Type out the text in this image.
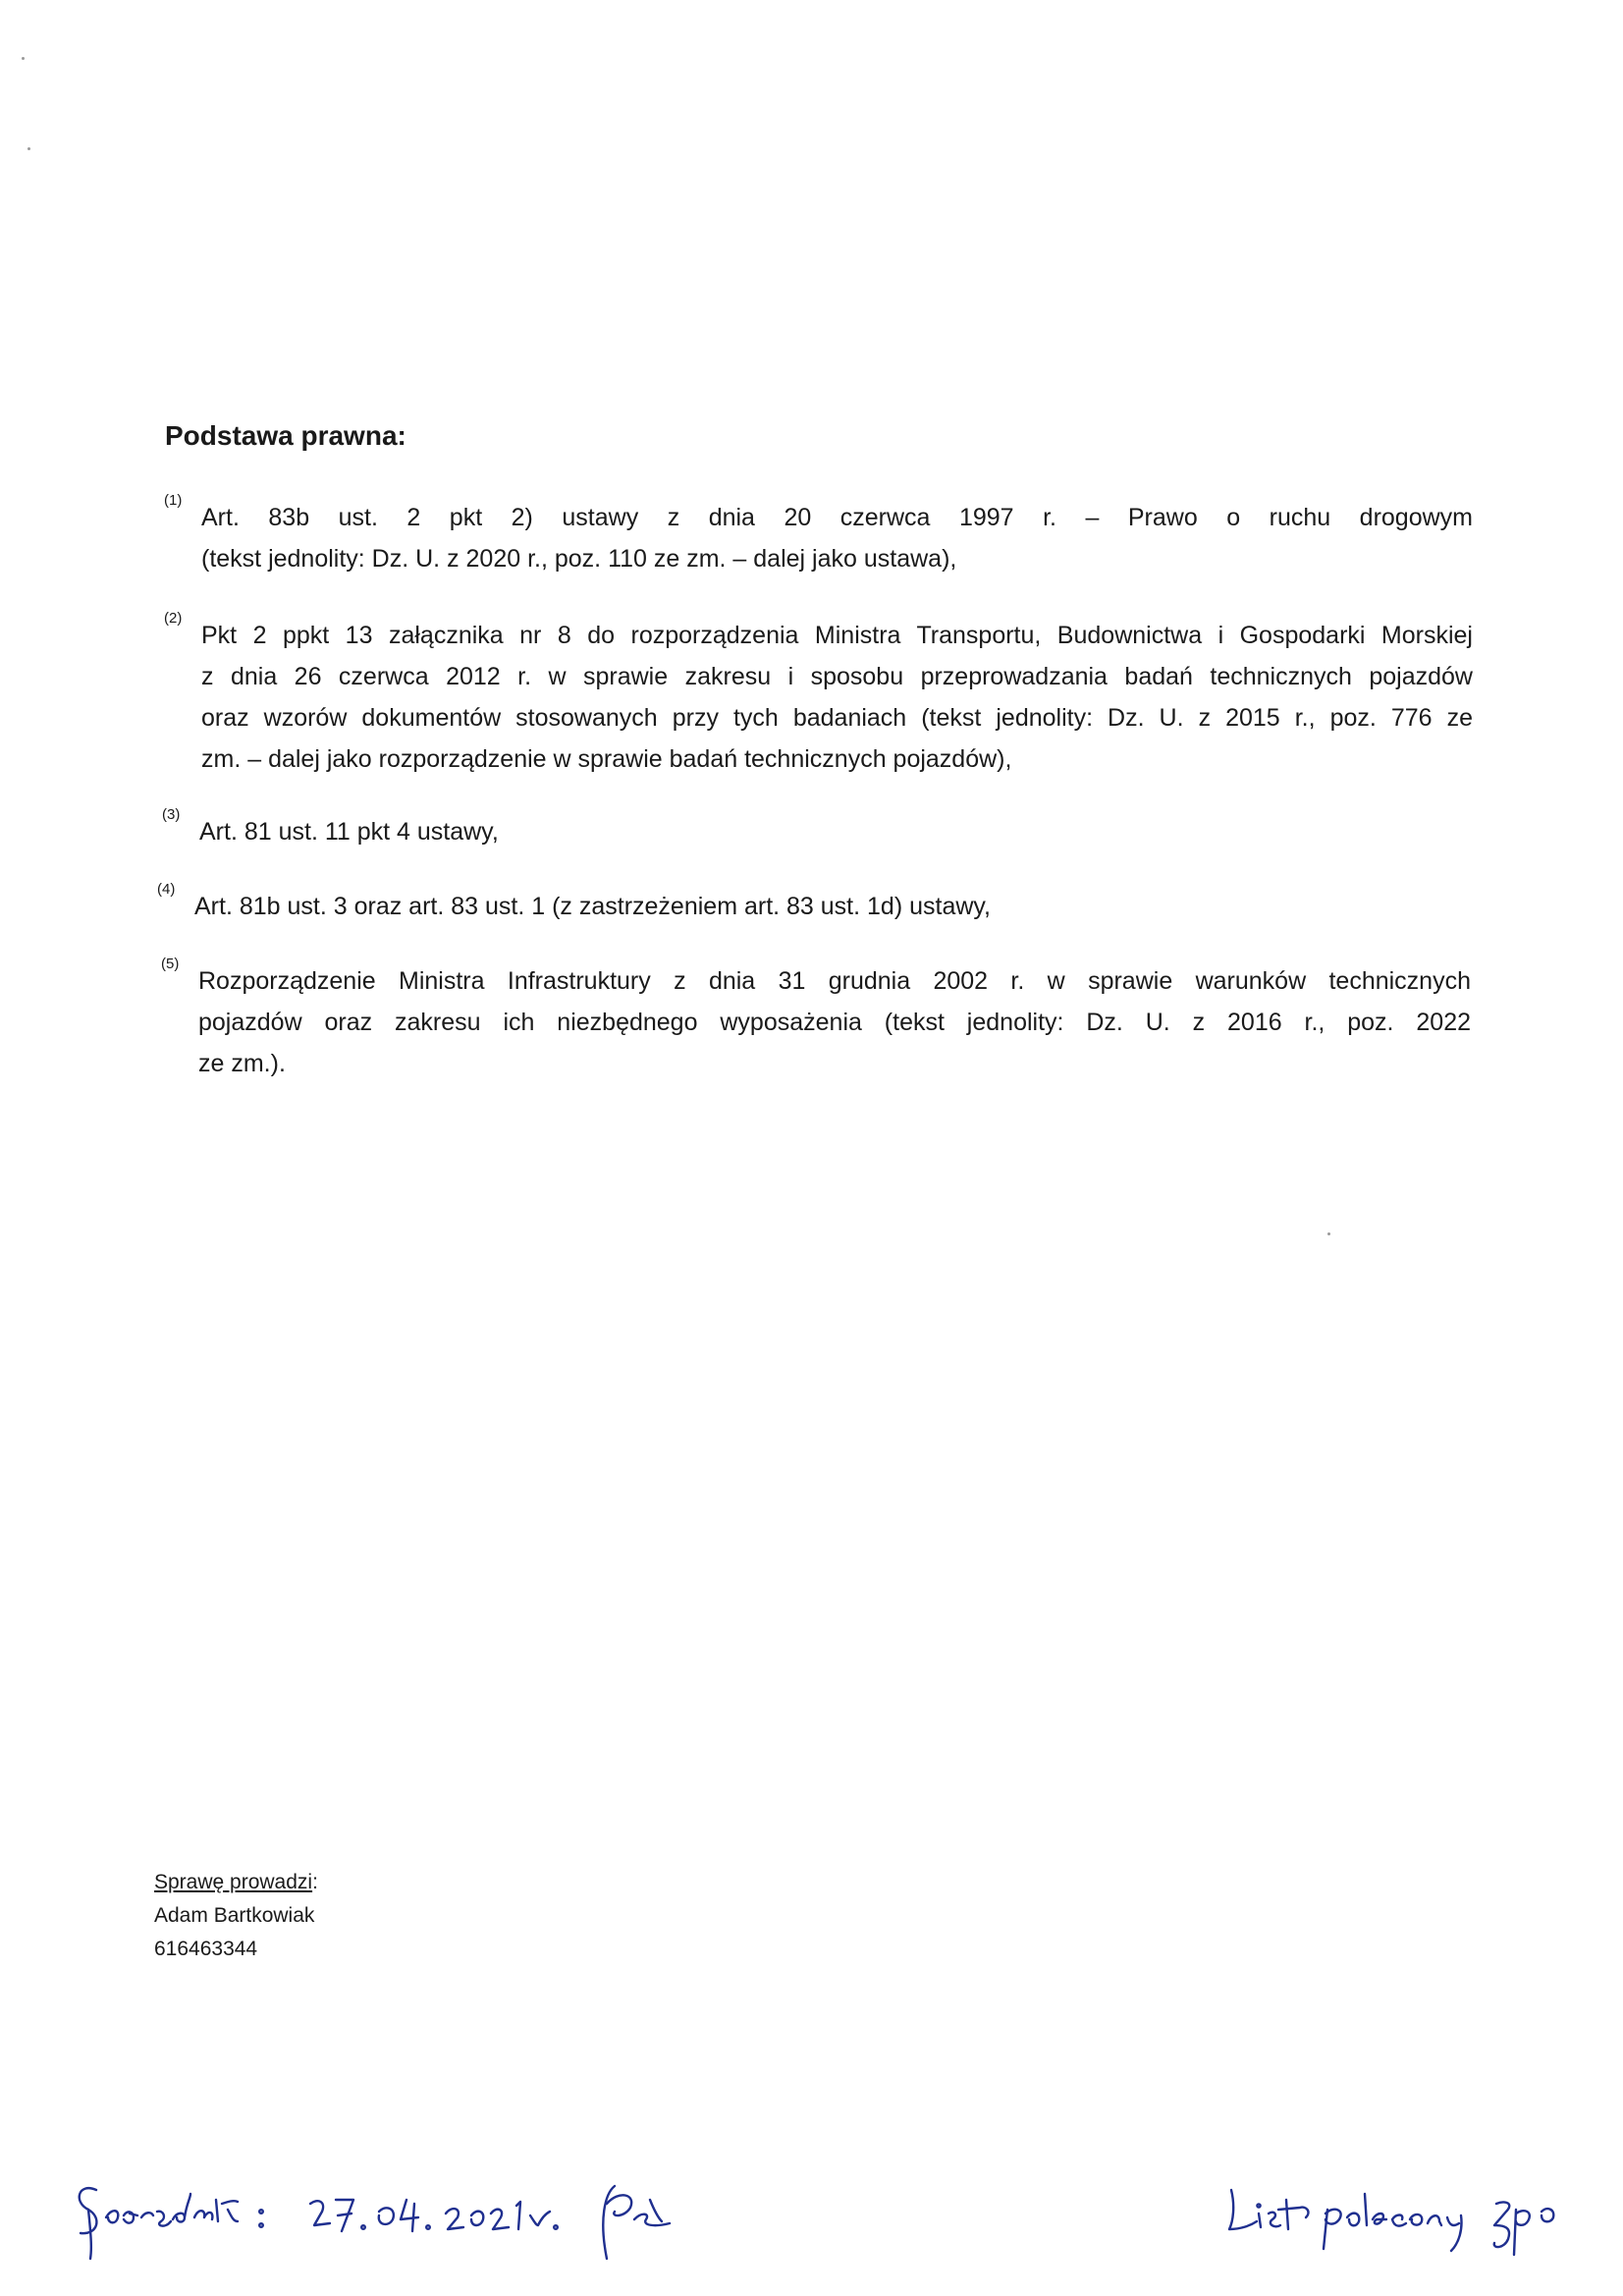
Podstawa prawna:
(1)
Art. 83b ust. 2 pkt 2) ustawy z dnia 20 czerwca 1997 r. – Prawo o ruchu drogowym
(tekst jednolity: Dz. U. z 2020 r., poz. 110 ze zm. – dalej jako ustawa),
(2)
Pkt 2 ppkt 13 załącznika nr 8 do rozporządzenia Ministra Transportu, Budownictwa i Gospodarki Morskiej
z dnia 26 czerwca 2012 r. w sprawie zakresu i sposobu przeprowadzania badań technicznych pojazdów
oraz wzorów dokumentów stosowanych przy tych badaniach (tekst jednolity: Dz. U. z 2015 r., poz. 776 ze
zm. – dalej jako rozporządzenie w sprawie badań technicznych pojazdów),
(3)
Art. 81 ust. 11 pkt 4 ustawy,
(4)
Art. 81b ust. 3 oraz art. 83 ust. 1 (z zastrzeżeniem art. 83 ust. 1d) ustawy,
(5)
Rozporządzenie Ministra Infrastruktury z dnia 31 grudnia 2002 r. w sprawie warunków technicznych
pojazdów oraz zakresu ich niezbędnego wyposażenia (tekst jednolity: Dz. U. z 2016 r., poz. 2022
ze zm.).
Sprawę prowadzi:
Adam Bartkowiak
616463344
